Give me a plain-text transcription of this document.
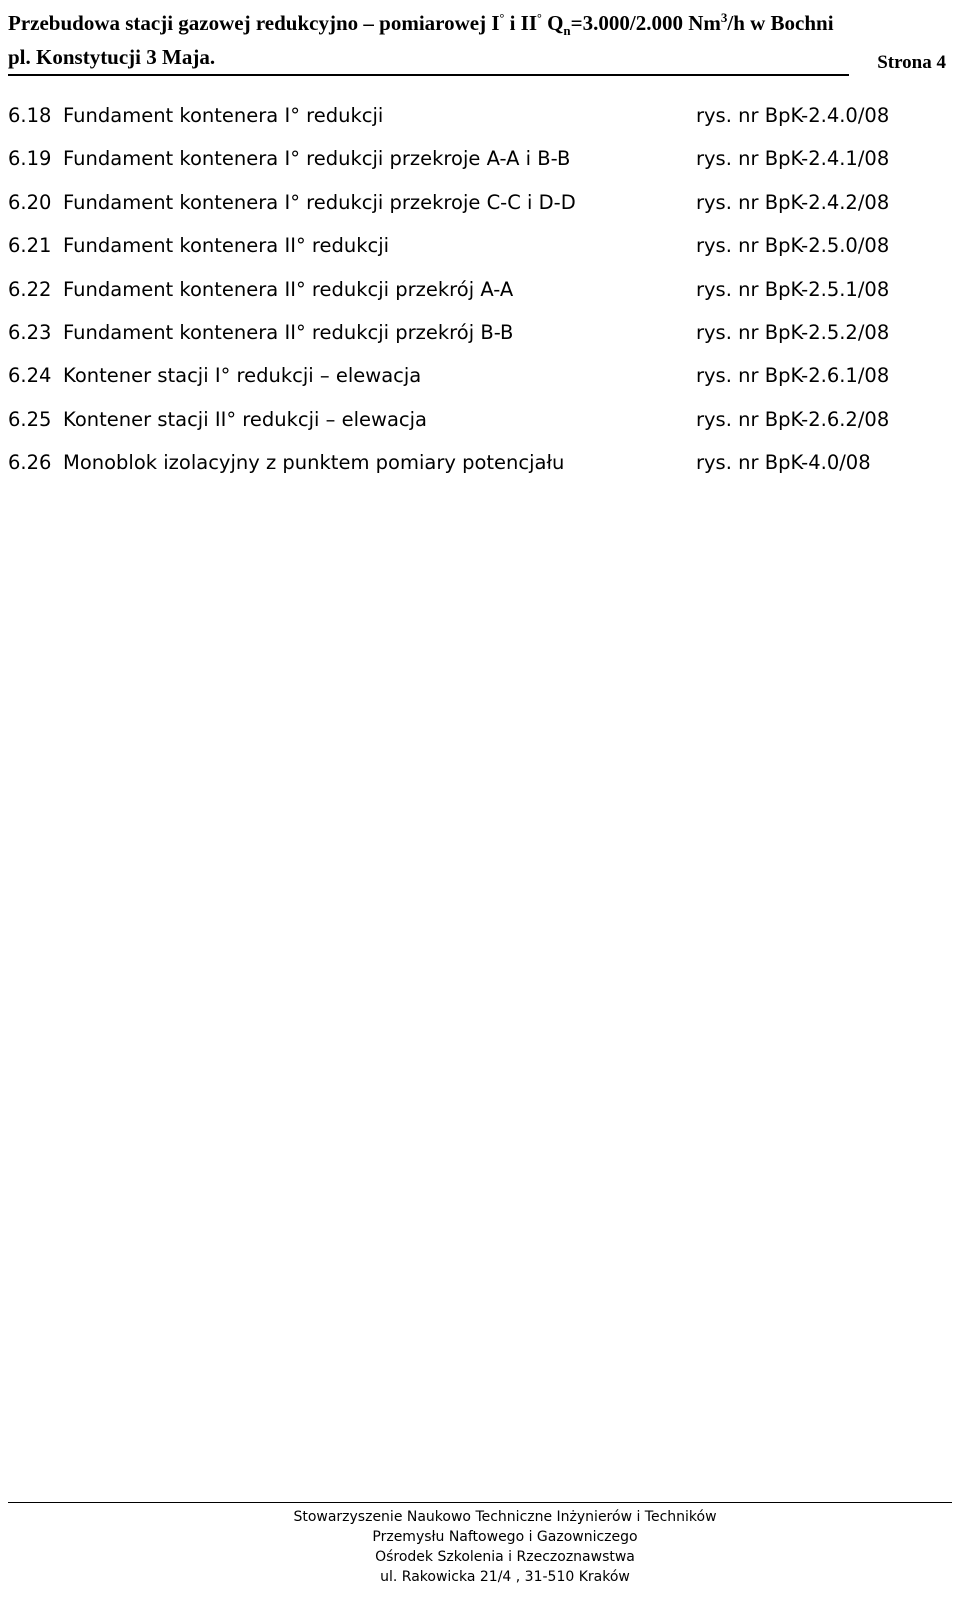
Przebudowa stacji gazowej redukcyjno – pomiarowej I° i II° $Q_n=3.000/2.000$ Nm$^3$/h w Bochni
pl. Konstytucji 3 Maja.	Strona 4
6.18 Fundament kontenera I° redukcji	rys. nr BpK-2.4.0/08
6.19 Fundament kontenera I° redukcji przekroje A-A i B-B	rys. nr BpK-2.4.1/08
6.20 Fundament kontenera I° redukcji przekroje C-C i D-D	rys. nr BpK-2.4.2/08
6.21 Fundament kontenera II° redukcji	rys. nr BpK-2.5.0/08
6.22 Fundament kontenera II° redukcji przekrój A-A	rys. nr BpK-2.5.1/08
6.23 Fundament kontenera II° redukcji przekrój B-B	rys. nr BpK-2.5.2/08
6.24 Kontener stacji I° redukcji – elewacja	rys. nr BpK-2.6.1/08
6.25 Kontener stacji II° redukcji – elewacja	rys. nr BpK-2.6.2/08
6.26 Monoblok izolacyjny z punktem pomiary potencjału	rys. nr BpK-4.0/08
Stowarzyszenie Naukowo Techniczne Inżynierów i Techników
Przemysłu Naftowego i Gazowniczego
Ośrodek Szkolenia i Rzeczoznawstwa
ul. Rakowicka 21/4 , 31-510 Kraków
